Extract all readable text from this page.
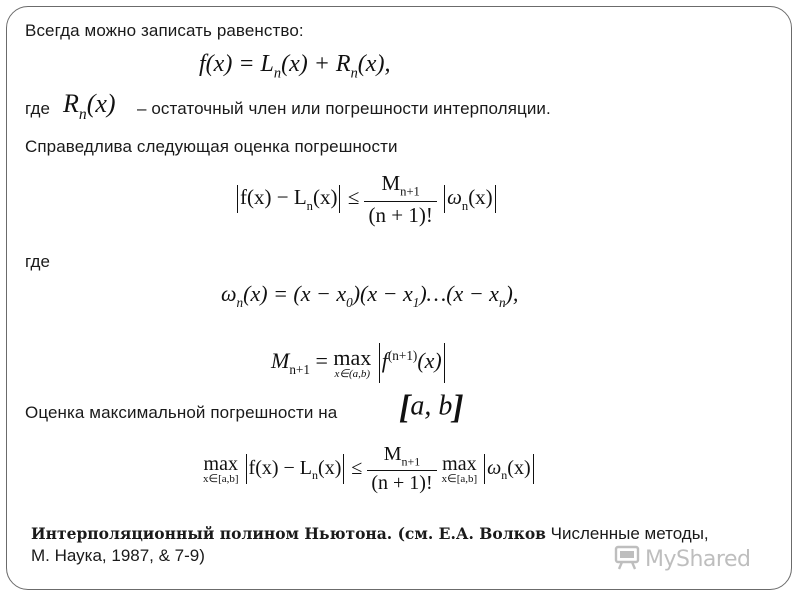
Всегда можно записать равенство:
$f(x) = L_n(x) + R_n(x)$,
где $R_n(x)$ – остаточный член или погрешности интерполяции.
Справедлива следующая оценка погрешности
$f(x) - L_n(x) \le \frac{M_{n+1}}{(n + 1)!} \omega_n(x)$
где
$\omega_n(x) = (x - x_0)(x$ − $x_1)\dots(x - x_n)$,
$M_{n+1} = \max$
x∈(a,b)
$f^{(n+1)}(x)$
Оценка максимальной погрешности на [a, b]
max
x∈[a,b] $f(x) - L_n(x) \le \frac{M_{n+1}}{(n + 1)!}$ max
x∈[a,b] $\omega_n(x)$
Интерполяционный полином Ньютона. (см. Е.А. Волков Численные методы,
М. Наука, 1987, & 7-9)	MyShared
